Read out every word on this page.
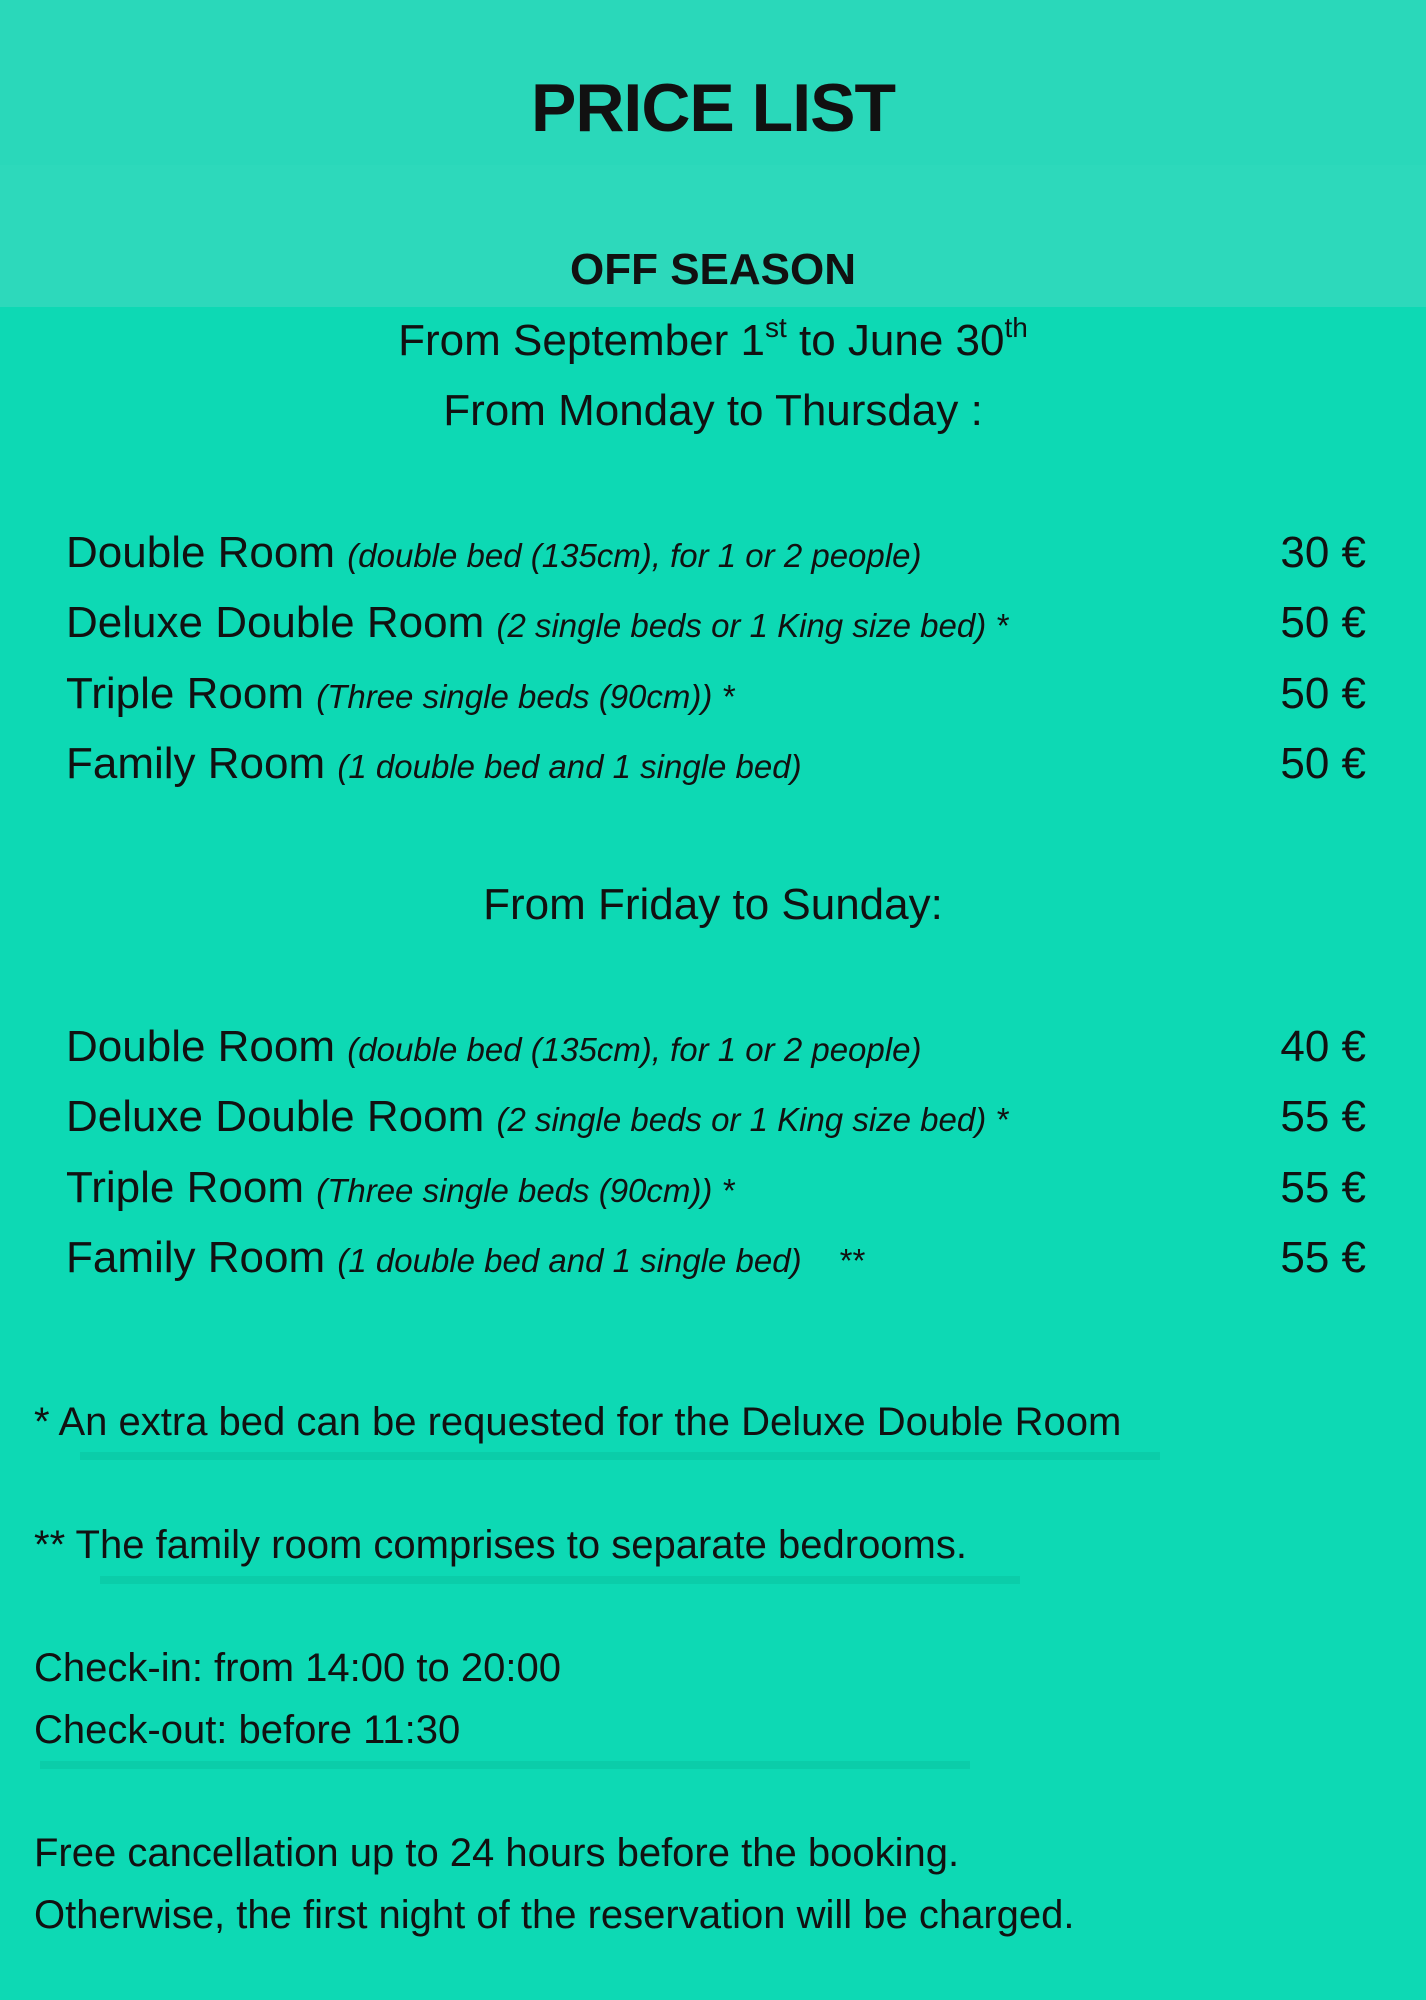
PRICE LIST
OFF SEASON
From September 1st to June 30th
From Monday to Thursday :
Double Room (double bed (135cm), for 1 or 2 people)	30 €
Deluxe Double Room (2 single beds or 1 King size bed) *	50 €
Triple Room (Three single beds (90cm)) *	50 €
Family Room (1 double bed and 1 single bed)	50 €
From Friday to Sunday:
Double Room (double bed (135cm), for 1 or 2 people)	40 €
Deluxe Double Room (2 single beds or 1 King size bed) *	55 €
Triple Room (Three single beds (90cm)) *	55 €
Family Room (1 double bed and 1 single bed)    **	55 €
* An extra bed can be requested for the Deluxe Double Room
** The family room comprises to separate bedrooms.
Check-in: from 14:00 to 20:00
Check-out: before 11:30
Free cancellation up to 24 hours before the booking.
Otherwise, the first night of the reservation will be charged.
